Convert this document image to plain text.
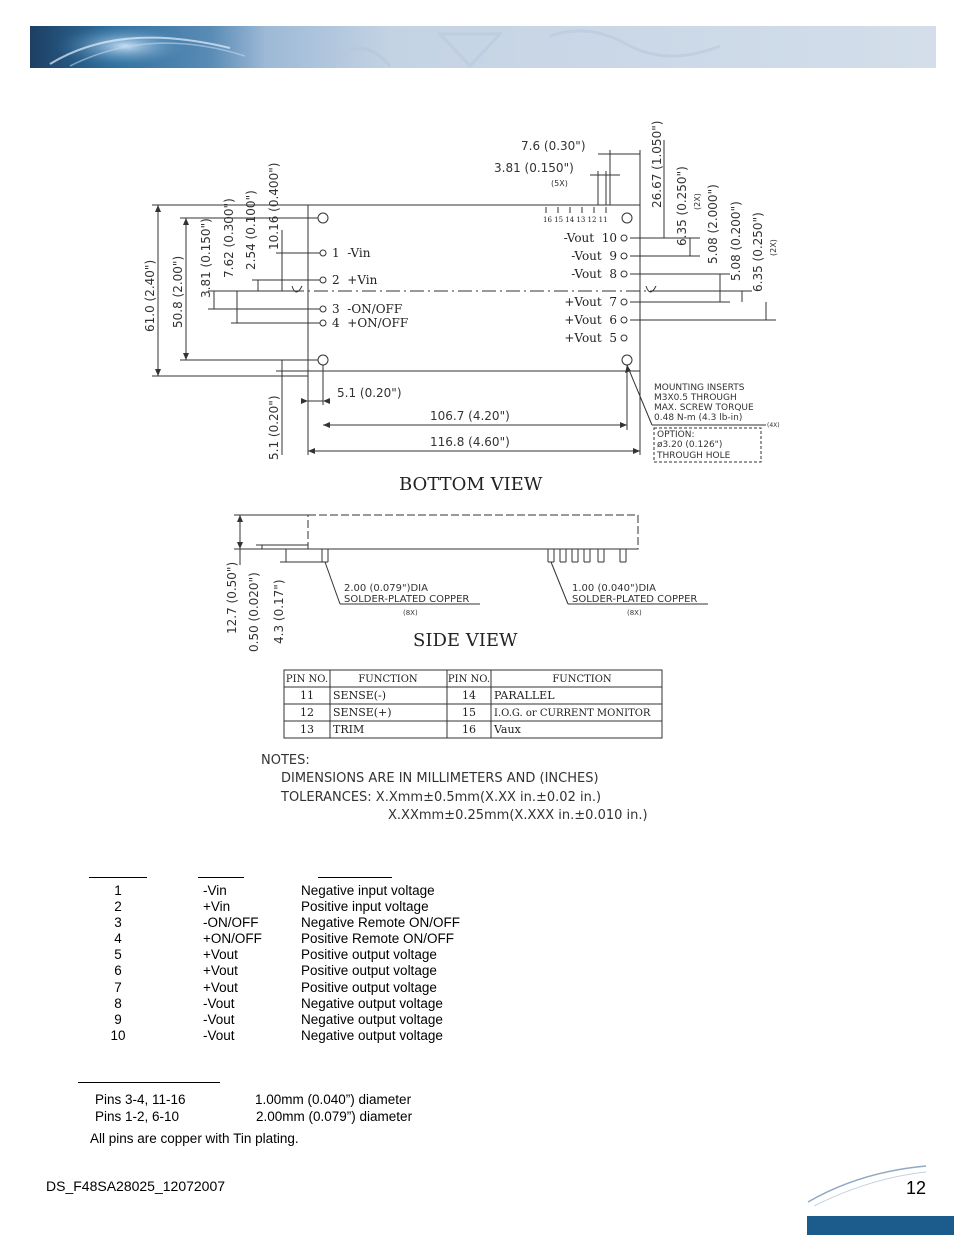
7.6 (0.30")
3.81 (0.150")
(5X)	26.67 (1.050") 6.35 (0.250") (2X) 5.08 (2.000") 5.08 (0.200") 6.35 (0.250") (2X)
61.0 (2.40") 50.8 (2.00") 3.81 (0.150") 7.62 (0.300") 2.54 (0.100") 10.16 (0.400")
5.1 (0.20")
106.7 (4.20")
116.8 (4.60")
5.1 (0.20")
16 15 14 13 12 11
1  -Vin
2  +Vin
3  -ON/OFF
4  +ON/OFF
-Vout  10
-Vout  9
-Vout  8
+Vout  7
+Vout  6
+Vout  5
MOUNTING INSERTS
M3X0.5 THROUGH
MAX. SCREW TORQUE
0.48 N-m (4.3 lb-in)
(4X)
OPTION:
ø3.20 (0.126")
THROUGH HOLE
BOTTOM VIEW
12.7 (0.50") 0.50 (0.020") 4.3 (0.17")	2.00 (0.079")DIA
SOLDER-PLATED COPPER
(8X)
1.00 (0.040")DIA
SOLDER-PLATED COPPER
(8X)
SIDE VIEW
PIN NO.	FUNCTION	PIN NO.	FUNCTION
11 SENSE(-)	14 PARALLEL
12 SENSE(+)	15 I.O.G. or CURRENT MONITOR
13 TRIM	16 Vaux
NOTES:
DIMENSIONS ARE IN MILLIMETERS AND (INCHES)
TOLERANCES: X.Xmm±0.5mm(X.XX in.±0.02 in.)
X.XXmm±0.25mm(X.XXX in.±0.010 in.)
1	-Vin	Negative input voltage
2	+Vin	Positive input voltage
3	-ON/OFF	Negative Remote ON/OFF
4	+ON/OFF	Positive Remote ON/OFF
5	+Vout	Positive output voltage
6	+Vout	Positive output voltage
7	+Vout	Positive output voltage
8	-Vout	Negative output voltage
9	-Vout	Negative output voltage
10	-Vout	Negative output voltage
Pins 3-4, 11-16	1.00mm (0.040”) diameter
Pins 1-2, 6-10	2.00mm (0.079”) diameter
All pins are copper with Tin plating.
DS_F48SA28025_12072007	12
